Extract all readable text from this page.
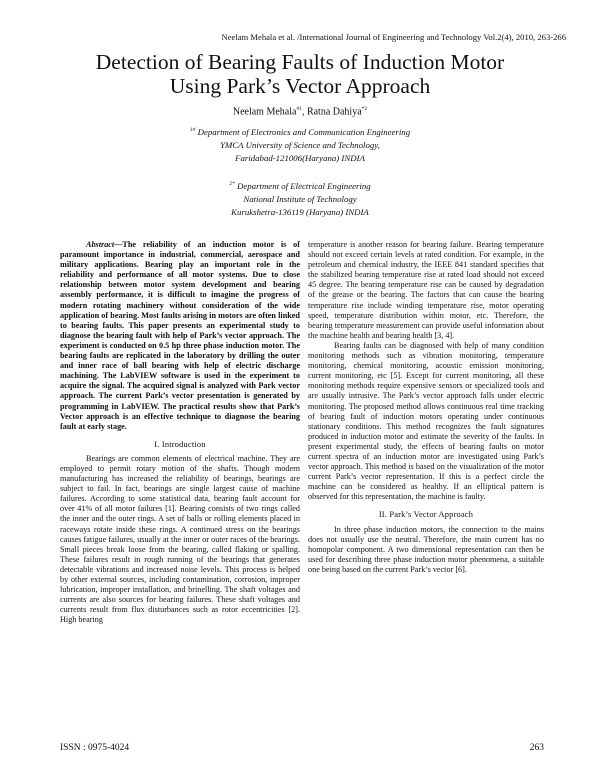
Neelam Mehala et al. /International Journal of Engineering and Technology Vol.2(4), 2010, 263-266
Detection of Bearing Faults of Induction Motor
Using Park’s Vector Approach
Neelam Mehala$^{\#1}$, Ratna Dahiya$^{*2}$
$^{1\#}$ Department of Electronics and Communication Engineering
YMCA University of Science and Technology,
Faridabad-121006(Haryana) INDIA
$^{2*}$ Department of Electrical Engineering
National Institute of Technology
Kurukshetra-136119 (Haryana) INDIA

Abstract—The reliability of an induction motor is of paramount importance in industrial, commercial, aerospace and military applications. Bearing play an important role in the reliability and performance of all motor systems. Due to close relationship between motor system development and bearing assembly performance, it is difficult to imagine the progress of modern rotating machinery without consideration of the wide application of bearing. Most faults arising in motors are often linked to bearing faults. This paper presents an experimental study to diagnose the bearing fault with help of Park’s vector approach. The experiment is conducted on 0.5 hp three phase induction motor. The bearing faults are replicated in the laboratory by drilling the outer and inner race of ball bearing with help of electric discharge machining. The LabVIEW software is used in the experiment to acquire the signal. The acquired signal is analyzed with Park vector approach. The current Park’s vector presentation is generated by programming in LabVIEW. The practical results show that Park’s Vector approach is an effective technique to diagnose the bearing fault at early stage.

I. Introduction

Bearings are common elements of electrical machine. They are employed to permit rotary motion of the shafts. Though modern manufacturing has increased the reliability of bearings, bearings are subject to fail. In fact, bearings are single largest cause of machine failures. According to some statistical data, bearing fault account for over 41% of all motor failures [1]. Bearing consists of two rings called the inner and the outer rings. A set of balls or rolling elements placed in raceways rotate inside these rings. A continued stress on the bearings causes fatigue failures, usually at the inner or outer races of the bearings. Small pieces break loose from the bearing, called flaking or spalling. These failures result in rough running of the bearings that generates detectable vibrations and increased noise levels. This process is helped by other external sources, including contamination, corrosion, improper lubrication, improper installation, and brinelling. The shaft voltages and currents are also sources for bearing failures. These shaft voltages and currents result from flux disturbances such as rotor eccentricities [2]. High bearing

temperature is another reason for bearing failure. Bearing temperature should not exceed certain levels at rated condition. For example, in the petroleum and chemical industry, the IEEE 841 standard specifies that the stabilized bearing temperature rise at rated load should not exceed 45 degree. The bearing temperature rise can be caused by degradation of the grease or the bearing. The factors that can cause the bearing temperature rise include winding temperature rise, motor operating speed, temperature distribution within motor, etc. Therefore, the bearing temperature measurement can provide useful information about the machine health and bearing health [3, 4].

Bearing faults can be diagnosed with help of many condition monitoring methods such as vibration monitoring, temperature monitoring, chemical monitoring, acoustic emission monitoring, current monitoring, etc [5]. Except for current monitoring, all these monitoring methods require expensive sensors or specialized tools and are usually intrusive. The Park’s vector approach falls under electric monitoring. The proposed method allows continuous real time tracking of bearing fault of induction motors operating under continuous stationary conditions. This method recognizes the fault signatures produced in induction motor and estimate the severity of the faults. In present experimental study, the effects of bearing faults on motor current spectra of an induction motor are investigated using Park’s vector approach. This method is based on the visualization of the motor current Park’s vector representation. If this is a perfect circle the machine can be considered as healthy. If an elliptical pattern is observed for this representation, the machine is faulty.

II. Park’s Vector Approach

In three phase induction motors, the connection to the mains does not usually use the neutral. Therefore, the main current has no homopolar component. A two dimensional representation can then be used for describing three phase induction motor phenomena, a suitable one being based on the current Park’s vector [6].

ISSN : 0975-4024	263
